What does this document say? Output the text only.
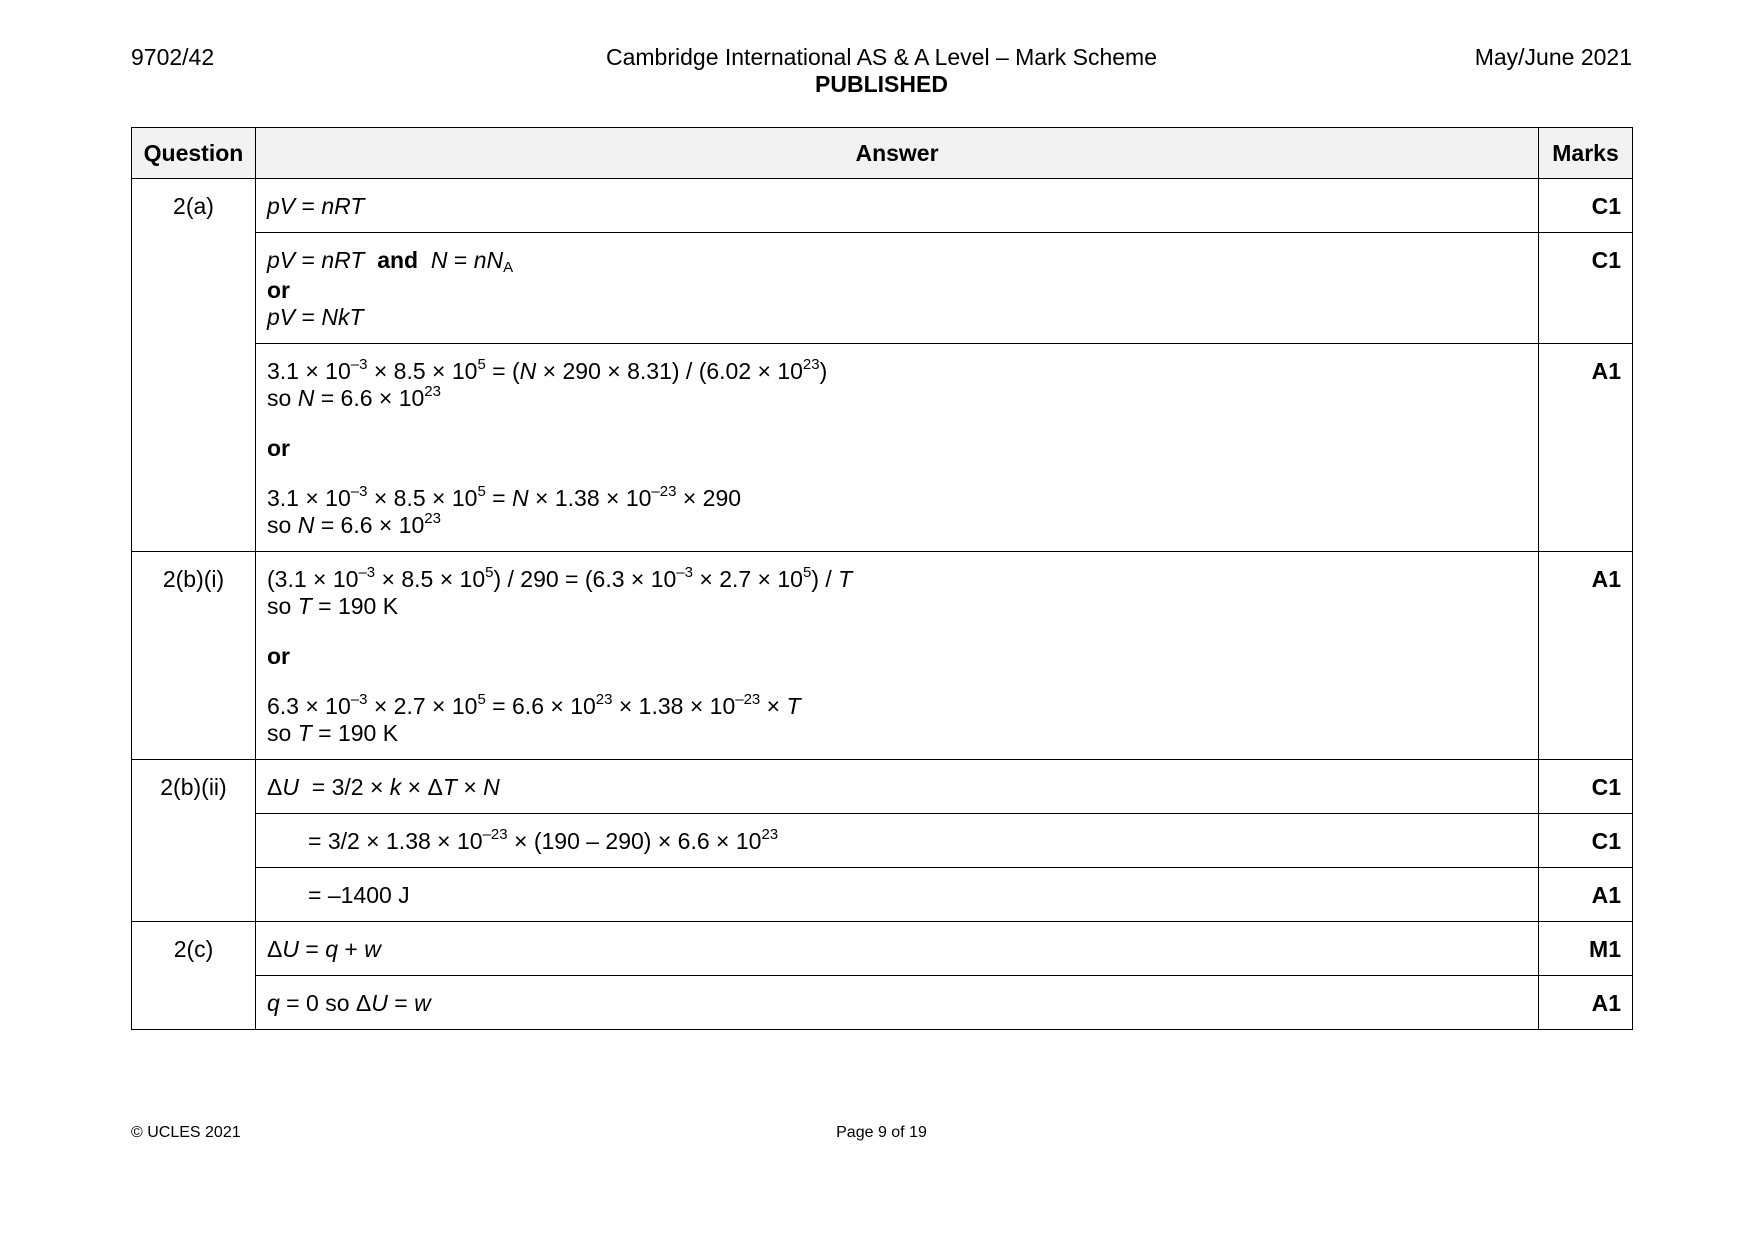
9702/42	Cambridge International AS & A Level – Mark Scheme
PUBLISHED
May/June 2021
Question	Answer	Marks
2(a)	pV = nRT	C1

	pV = nRT and $N = nN_A$
or
pV = NkT	C1

	$3.1 \times 10^{-3} \times 8.5 \times 10^5 = (N \times 290 \times 8.31) / (6.02 \times 10^{23})$
so $N = 6.6 \times 10^{23}$
or
$3.1 \times 10^{-3} \times 8.5 \times 10^5 = N \times 1.38 \times 10^{-23} \times 290$
so $N = 6.6 \times 10^{23}$	A1
2(b)(i)	$(3.1 \times 10^{-3} \times 8.5 \times 10^5) / 290 = (6.3 \times 10^{-3} \times 2.7 \times 10^5) / T$
so T = 190 K
or
$6.3 \times 10^{-3} \times 2.7 \times 10^5 = 6.6 \times 10^{23} \times 1.38 \times 10^{-23} \times T$
so T = 190 K	A1
2(b)(ii)	ΔU  = 3/2 × k × ΔT × N	C1

	= $3/2 \times 1.38 \times 10^{-23} \times (190 - 290) \times 6.6 \times 10^{23}$	C1

	= –1400 J	A1
2(c)	ΔU = q + w	M1

	q = 0 so ΔU = w	A1
© UCLES 2021	Page 9 of 19
